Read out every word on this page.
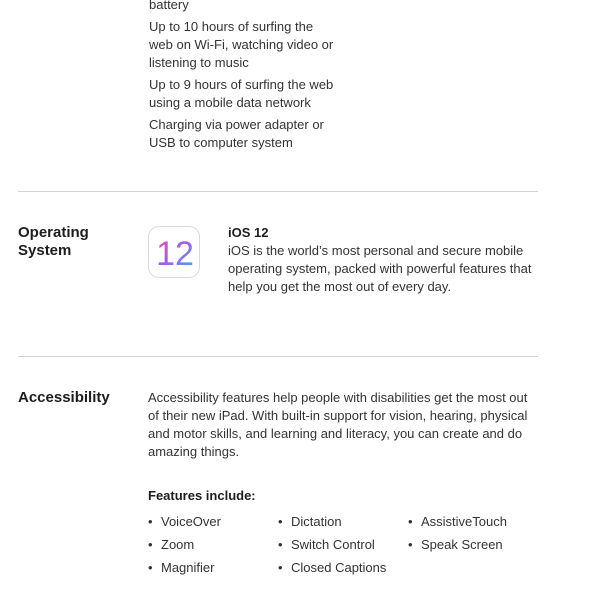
battery

Up to 10 hours of surfing the web on Wi‑Fi, watching video or listening to music

Up to 9 hours of surfing the web using a mobile data network

Charging via power adapter or USB to computer system

Operating
System	12
iOS 12
iOS is the world’s most personal and secure mobile operating system, packed with powerful features that help you get the most out of every day.
Accessibility	Accessibility features help people with disabilities get the most out of their new iPad. With built‑in support for vision, hearing, physical and motor skills, and learning and literacy, you can create and do amazing things.

Features include:
• VoiceOver
• Zoom
• Magnifier
• Dictation
• Switch Control
• Closed Captions
• AssistiveTouch
• Speak Screen
